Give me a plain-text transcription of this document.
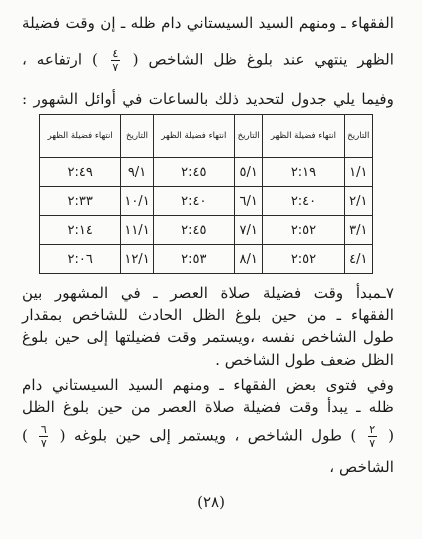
الفقهاء ـ ومنهم السيد السيستاني دام ظله ـ إن وقت فضيلة
الظهر ينتهي عند بلوغ ظل الشاخص (
$\frac{٤}{٧}$
) ارتفاعه ،
وفيما يلي جدول لتحديد ذلك بالساعات في أوائل الشهور :
التاريخ	انتهاء فضيلة الظهر	التاريخ	انتهاء فضيلة الظهر	التاريخ	انتهاء فضيلة الظهر
١/١	٢:١٩	٥/١	٢:٤٥	٩/١	٢:٤٩
٢/١	٢:٤٠	٦/١	٢:٤٠	١٠/١	٢:٣٣
٣/١	٢:٥٢	٧/١	٢:٤٥	١١/١	٢:١٤
٤/١	٢:٥٢	٨/١	٢:٥٣	١٢/١	٢:٠٦
٧ـمبدأ وقت فضيلة صلاة العصر ـ في المشهور بين
الفقهاء ـ من حين بلوغ الظل الحادث للشاخص بمقدار
طول الشاخص نفسه ،ويستمر وقت فضيلتها إلى حين بلوغ
الظل ضعف طول الشاخص .
وفي فتوى بعض الفقهاء ـ ومنهم السيد السيستاني دام
ظله ـ يبدأ وقت فضيلة صلاة العصر من حين بلوغ الظل
(
$\frac{٢}{٧}$
) طول الشاخص ، ويستمر إلى حين بلوغه (
$\frac{٦}{٧}$
)
الشاخص ،
(٢٨)
